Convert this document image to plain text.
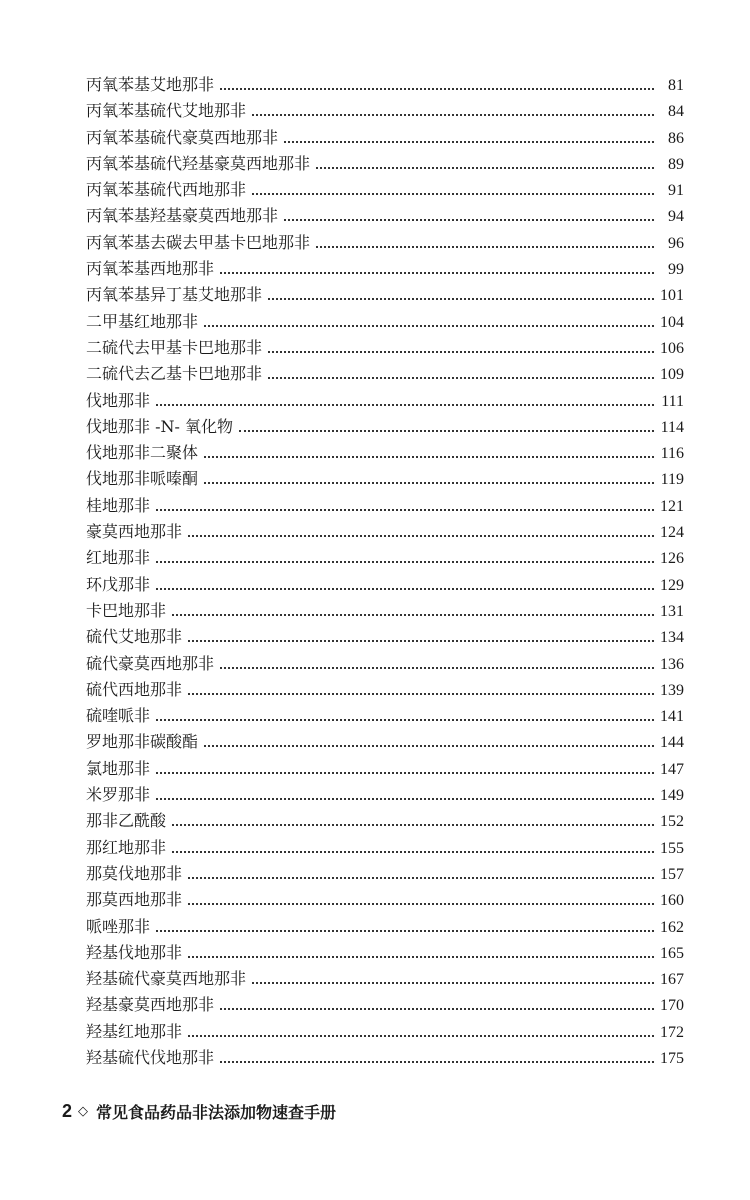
丙氧苯基艾地那非	81
丙氧苯基硫代艾地那非	84
丙氧苯基硫代豪莫西地那非	86
丙氧苯基硫代羟基豪莫西地那非	89
丙氧苯基硫代西地那非	91
丙氧苯基羟基豪莫西地那非	94
丙氧苯基去碳去甲基卡巴地那非	96
丙氧苯基西地那非	99
丙氧苯基异丁基艾地那非	101
二甲基红地那非	104
二硫代去甲基卡巴地那非	106
二硫代去乙基卡巴地那非	109
伐地那非	111
伐地那非 -N- 氧化物	114
伐地那非二聚体	116
伐地那非哌嗪酮	119
桂地那非	121
豪莫西地那非	124
红地那非	126
环戊那非	129
卡巴地那非	131
硫代艾地那非	134
硫代豪莫西地那非	136
硫代西地那非	139
硫喹哌非	141
罗地那非碳酸酯	144
氯地那非	147
米罗那非	149
那非乙酰酸	152
那红地那非	155
那莫伐地那非	157
那莫西地那非	160
哌唑那非	162
羟基伐地那非	165
羟基硫代豪莫西地那非	167
羟基豪莫西地那非	170
羟基红地那非	172
羟基硫代伐地那非	175
2 ◇ 常见食品药品非法添加物速查手册
